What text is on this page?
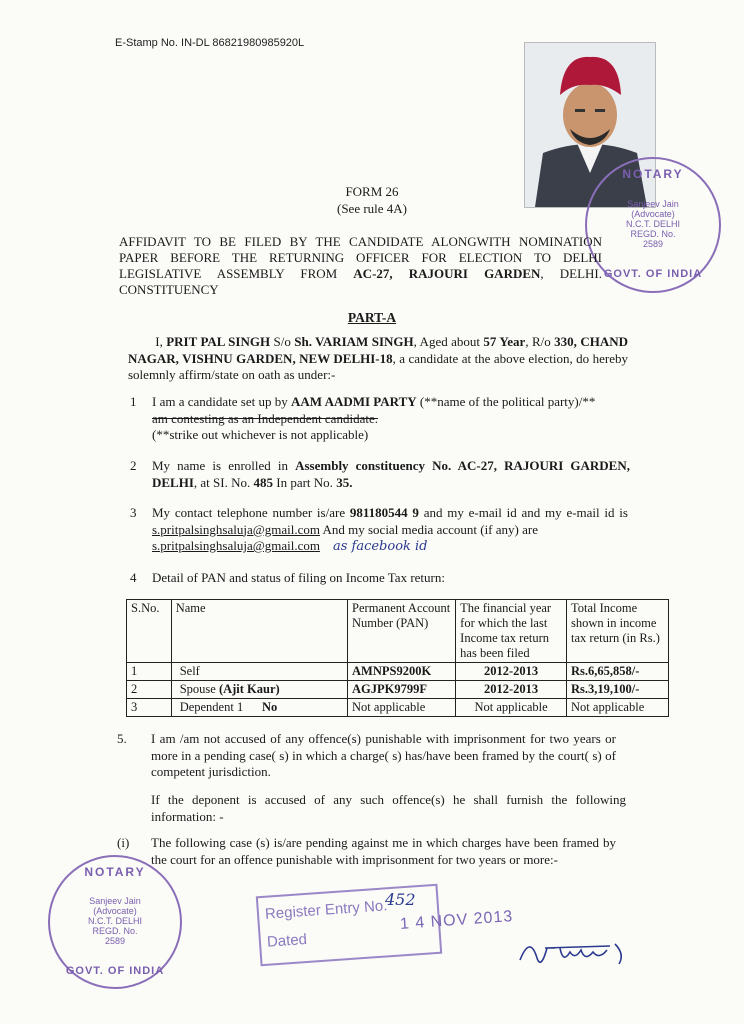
E-Stamp No. IN-DL 86821980985920L
NOTARY
Sanjeev Jain
(Advocate)
N.C.T. DELHI
REGD. No.
2589
GOVT. OF INDIA
FORM 26
(See rule 4A)
AFFIDAVIT TO BE FILED BY THE CANDIDATE ALONGWITH NOMINATION PAPER BEFORE THE RETURNING OFFICER FOR ELECTION TO DELHI LEGISLATIVE ASSEMBLY FROM AC-27, RAJOURI GARDEN, DELHI. CONSTITUENCY
PART-A
I, PRIT PAL SINGH S/o Sh. VARIAM SINGH, Aged about 57 Year, R/o 330, CHAND NAGAR, VISHNU GARDEN, NEW DELHI-18, a candidate at the above election, do hereby solemnly affirm/state on oath as under:-
1 I am a candidate set up by AAM AADMI PARTY (**name of the political party)/**
am contesting as an Independent candidate.
(**strike out whichever is not applicable)
2 My name is enrolled in Assembly constituency No. AC-27, RAJOURI GARDEN, DELHI, at SI. No. 485 In part No. 35.
3 My contact telephone number is/are 981180544 9 and my e-mail id and my e-mail id is s.pritpalsinghsaluja@gmail.com And my social media account (if any) are
s.pritpalsinghsaluja@gmail.com as facebook id
4 Detail of PAN and status of filing on Income Tax return:
S.No.	Name	Permanent Account Number (PAN)	The financial year for which the last Income tax return has been filed	Total Income shown in income tax return (in Rs.)
1	Self	AMNPS9200K	2012-2013	Rs.6,65,858/-
2	Spouse (Ajit Kaur)	AGJPK9799F	2012-2013	Rs.3,19,100/-
3	Dependent 1 No	Not applicable	Not applicable	Not applicable
5. I am /am not accused of any offence(s) punishable with imprisonment for two years or more in a pending case( s) in which a charge( s) has/have been framed by the court( s) of competent jurisdiction.
If the deponent is accused of any such offence(s) he shall furnish the following information: -
(i) The following case (s) is/are pending against me in which charges have been framed by the court for an offence punishable with imprisonment for two years or more:-
NOTARY
Sanjeev Jain
(Advocate)
N.C.T. DELHI
REGD. No.
2589
GOVT. OF INDIA
Register Entry No.
Dated
452
1 4 NOV 2013
